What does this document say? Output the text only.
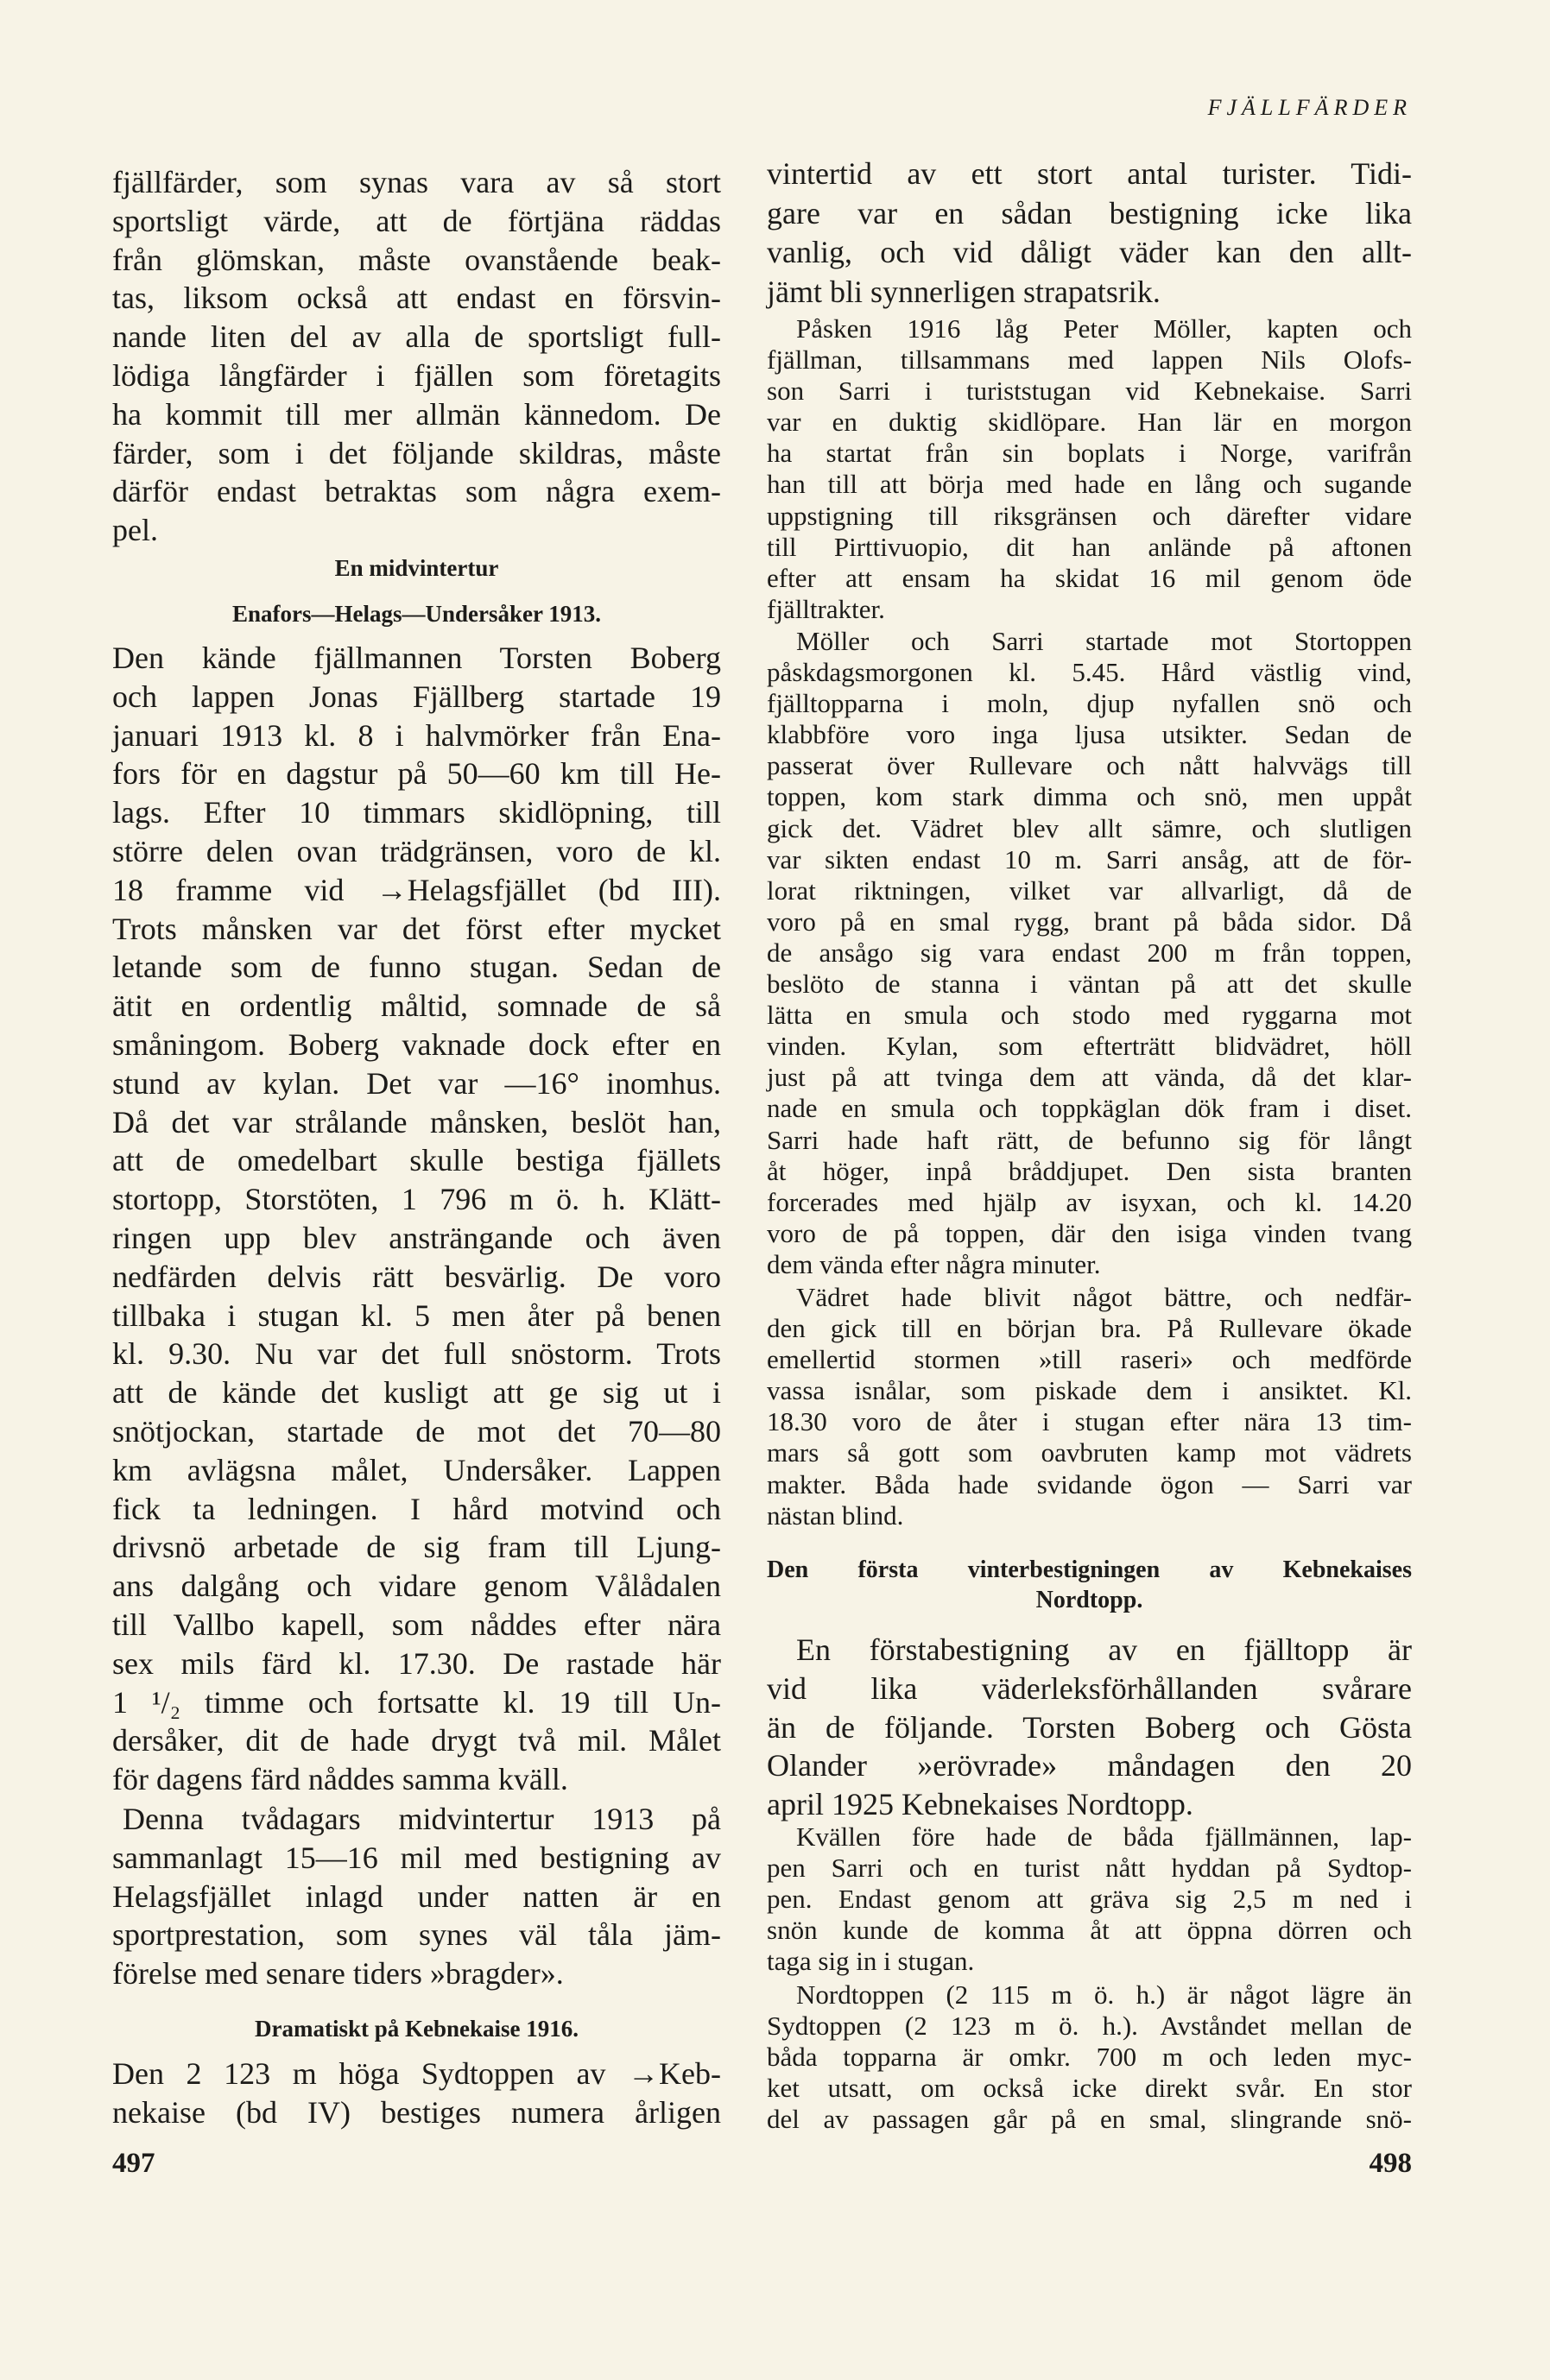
FJÄLLFÄRDER
fjällfärder, som synas vara av så stort
sportsligt värde, att de förtjäna räddas
från glömskan, måste ovanstående beak-
tas, liksom också att endast en försvin-
nande liten del av alla de sportsligt full-
lödiga långfärder i fjällen som företagits
ha kommit till mer allmän kännedom. De
färder, som i det följande skildras, måste
därför endast betraktas som några exem-
pel.
En midvintertur
Enafors—Helags—Undersåker 1913.
Den kände fjällmannen Torsten Boberg
och lappen Jonas Fjällberg startade 19
januari 1913 kl. 8 i halvmörker från Ena-
fors för en dagstur på 50—60 km till He-
lags. Efter 10 timmars skidlöpning, till
större delen ovan trädgränsen, voro de kl.
18 framme vid →Helagsfjället (bd III).
Trots månsken var det först efter mycket
letande som de funno stugan. Sedan de
ätit en ordentlig måltid, somnade de så
småningom. Boberg vaknade dock efter en
stund av kylan. Det var —16° inomhus.
Då det var strålande månsken, beslöt han,
att de omedelbart skulle bestiga fjällets
stortopp, Storstöten, 1 796 m ö. h. Klätt-
ringen upp blev ansträngande och även
nedfärden delvis rätt besvärlig. De voro
tillbaka i stugan kl. 5 men åter på benen
kl. 9.30. Nu var det full snöstorm. Trots
att de kände det kusligt att ge sig ut i
snötjockan, startade de mot det 70—80
km avlägsna målet, Undersåker. Lappen
fick ta ledningen. I hård motvind och
drivsnö arbetade de sig fram till Ljung-
ans dalgång och vidare genom Vålådalen
till Vallbo kapell, som nåddes efter nära
sex mils färd kl. 17.30. De rastade här
1 ¹/₂ timme och fortsatte kl. 19 till Un-
dersåker, dit de hade drygt två mil. Målet
för dagens färd nåddes samma kväll.
Denna tvådagars midvintertur 1913 på
sammanlagt 15—16 mil med bestigning av
Helagsfjället inlagd under natten är en
sportprestation, som synes väl tåla jäm-
förelse med senare tiders »bragder».
Dramatiskt på Kebnekaise 1916.
Den 2 123 m höga Sydtoppen av →Keb-
nekaise (bd IV) bestiges numera årligen
497
vintertid av ett stort antal turister. Tidi-
gare var en sådan bestigning icke lika
vanlig, och vid dåligt väder kan den allt-
jämt bli synnerligen strapatsrik.
Påsken 1916 låg Peter Möller, kapten och
fjällman, tillsammans med lappen Nils Olofs-
son Sarri i turiststugan vid Kebnekaise. Sarri
var en duktig skidlöpare. Han lär en morgon
ha startat från sin boplats i Norge, varifrån
han till att börja med hade en lång och sugande
uppstigning till riksgränsen och därefter vidare
till Pirttivuopio, dit han anlände på aftonen
efter att ensam ha skidat 16 mil genom öde
fjälltrakter.
Möller och Sarri startade mot Stortoppen
påskdagsmorgonen kl. 5.45. Hård västlig vind,
fjälltopparna i moln, djup nyfallen snö och
klabbföre voro inga ljusa utsikter. Sedan de
passerat över Rullevare och nått halvvägs till
toppen, kom stark dimma och snö, men uppåt
gick det. Vädret blev allt sämre, och slutligen
var sikten endast 10 m. Sarri ansåg, att de för-
lorat riktningen, vilket var allvarligt, då de
voro på en smal rygg, brant på båda sidor. Då
de ansågo sig vara endast 200 m från toppen,
beslöto de stanna i väntan på att det skulle
lätta en smula och stodo med ryggarna mot
vinden. Kylan, som efterträtt blidvädret, höll
just på att tvinga dem att vända, då det klar-
nade en smula och toppkäglan dök fram i diset.
Sarri hade haft rätt, de befunno sig för långt
åt höger, inpå bråddjupet. Den sista branten
forcerades med hjälp av isyxan, och kl. 14.20
voro de på toppen, där den isiga vinden tvang
dem vända efter några minuter.
Vädret hade blivit något bättre, och nedfär-
den gick till en början bra. På Rullevare ökade
emellertid stormen »till raseri» och medförde
vassa isnålar, som piskade dem i ansiktet. Kl.
18.30 voro de åter i stugan efter nära 13 tim-
mars så gott som oavbruten kamp mot vädrets
makter. Båda hade svidande ögon — Sarri var
nästan blind.
Den första vinterbestigningen av Kebnekaises
Nordtopp.
En förstabestigning av en fjälltopp är
vid lika väderleksförhållanden svårare
än de följande. Torsten Boberg och Gösta
Olander »erövrade» måndagen den 20
april 1925 Kebnekaises Nordtopp.
Kvällen före hade de båda fjällmännen, lap-
pen Sarri och en turist nått hyddan på Sydtop-
pen. Endast genom att gräva sig 2,5 m ned i
snön kunde de komma åt att öppna dörren och
taga sig in i stugan.
Nordtoppen (2 115 m ö. h.) är något lägre än
Sydtoppen (2 123 m ö. h.). Avståndet mellan de
båda topparna är omkr. 700 m och leden myc-
ket utsatt, om också icke direkt svår. En stor
del av passagen går på en smal, slingrande snö-
498
